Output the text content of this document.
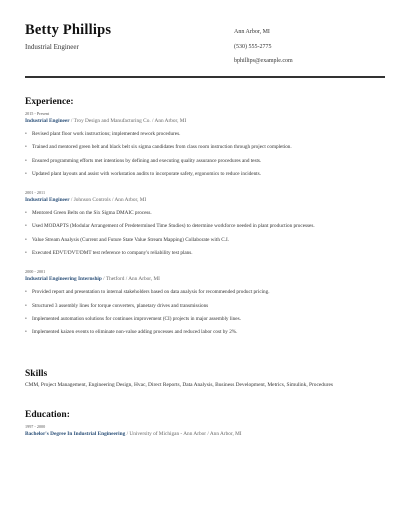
Betty Phillips
Industrial Engineer
Ann Arbor, MI
(530) 555-2775
bphillips@example.com
Experience:
2015 - Present
Industrial Engineer / Troy Design and Manufacturing Co. / Ann Arbor, MI
• Revised plant floor work instructions; implemented rework procedures.
• Trained and mentored green belt and black belt six sigma candidates from class room instruction through project completion.
• Ensured programming efforts met intentions by defining and executing quality assurance procedures and tests.
• Updated plant layouts and assist with workstation audits to incorporate safety, ergonomics to reduce incidents.
2001 - 2011
Industrial Engineer / Johnson Controls / Ann Arbor, MI
• Mentored Green Belts on the Six Sigma DMAIC process.
• Used MODAPTS (Modular Arrangement of Predetermined Time Studies) to determine workforce needed in plant production processes.
• Value Stream Analysis (Current and Future State Value Stream Mapping) Collaborate with C.I.
• Executed EDVT/DVT/DMT test reference to company's reliability test plans.
2000 - 2001
Industrial Engineering Internship / Thetford / Ann Arbor, MI
• Provided report and presentation to internal stakeholders based on data analysis for recommended product pricing.
• Structured 3 assembly lines for torque converters, planetary drives and transmissions
• Implemented automation solutions for continues improvement (CI) projects in major assembly lines.
• Implemented kaizen events to eliminate non-value adding processes and reduced labor cost by 2%.
Skills
CMM, Project Management, Engineering Design, Hvac, Direct Reports, Data Analysis, Business Development, Metrics, Simulink, Procedures
Education:
1997 - 2000
Bachelor's Degree In Industrial Engineering / University of Michigan - Ann Arbor / Ann Arbor, MI
